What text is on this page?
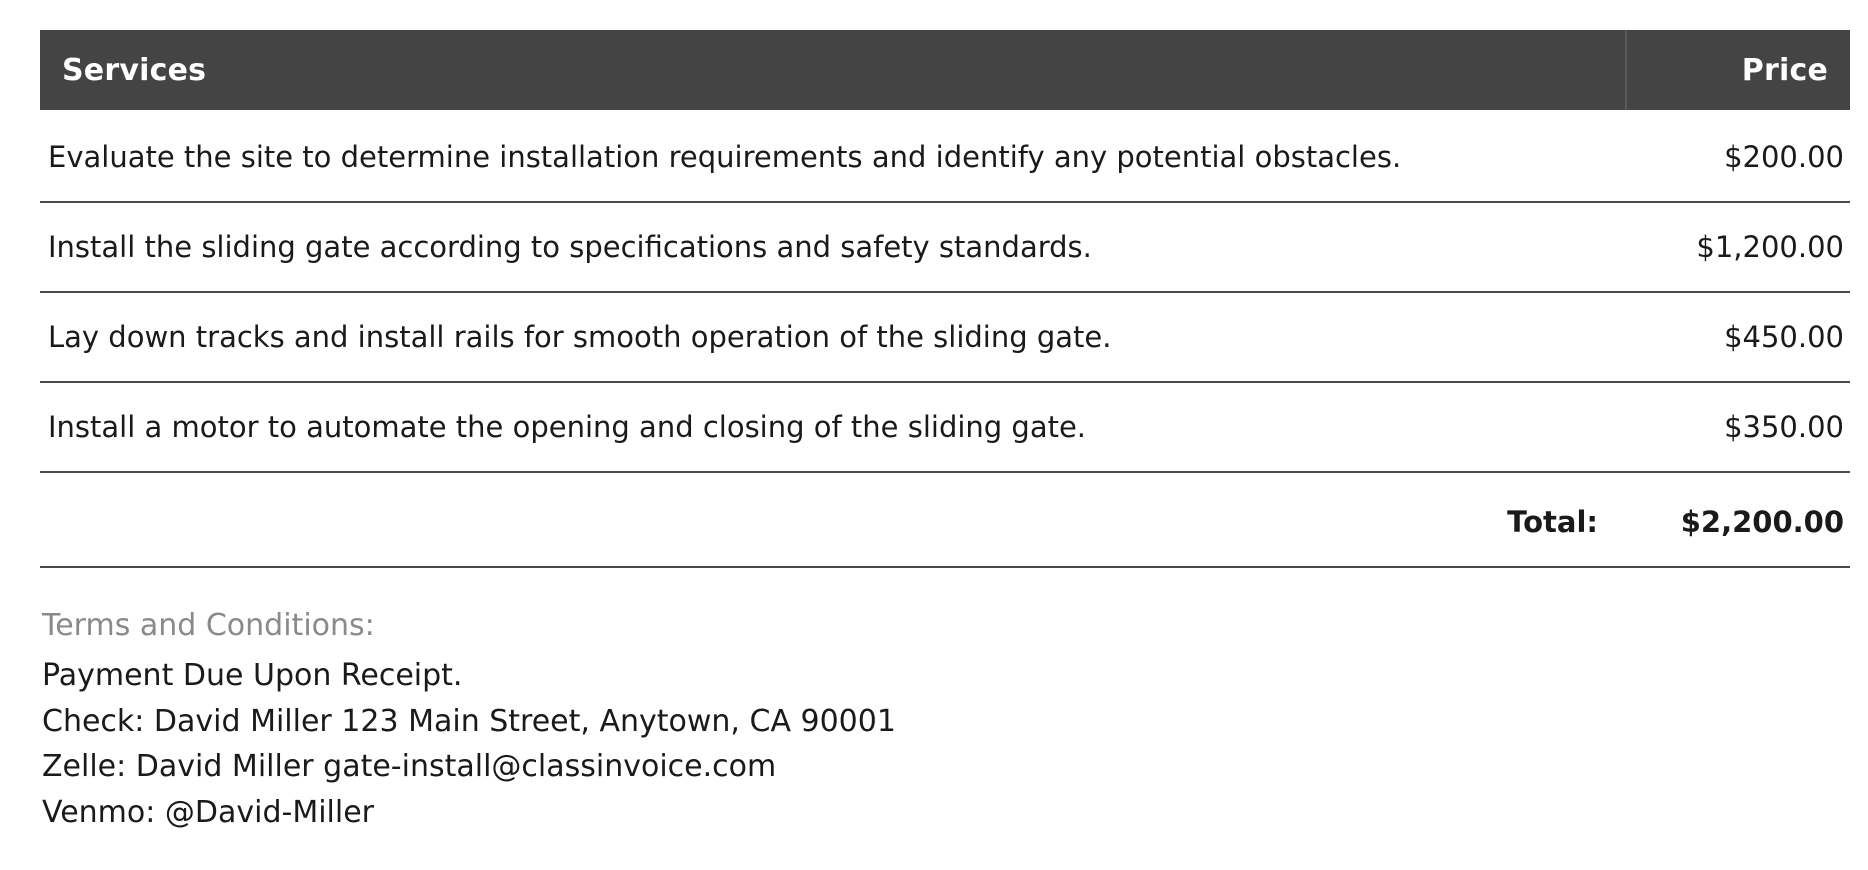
Services	Price
Evaluate the site to determine installation requirements and identify any potential obstacles.	$200.00
Install the sliding gate according to specifications and safety standards.	$1,200.00
Lay down tracks and install rails for smooth operation of the sliding gate.	$450.00
Install a motor to automate the opening and closing of the sliding gate.	$350.00
Total:	$2,200.00
Terms and Conditions:
Payment Due Upon Receipt.
Check: David Miller 123 Main Street, Anytown, CA 90001
Zelle: David Miller gate-install@classinvoice.com
Venmo: @David-Miller
